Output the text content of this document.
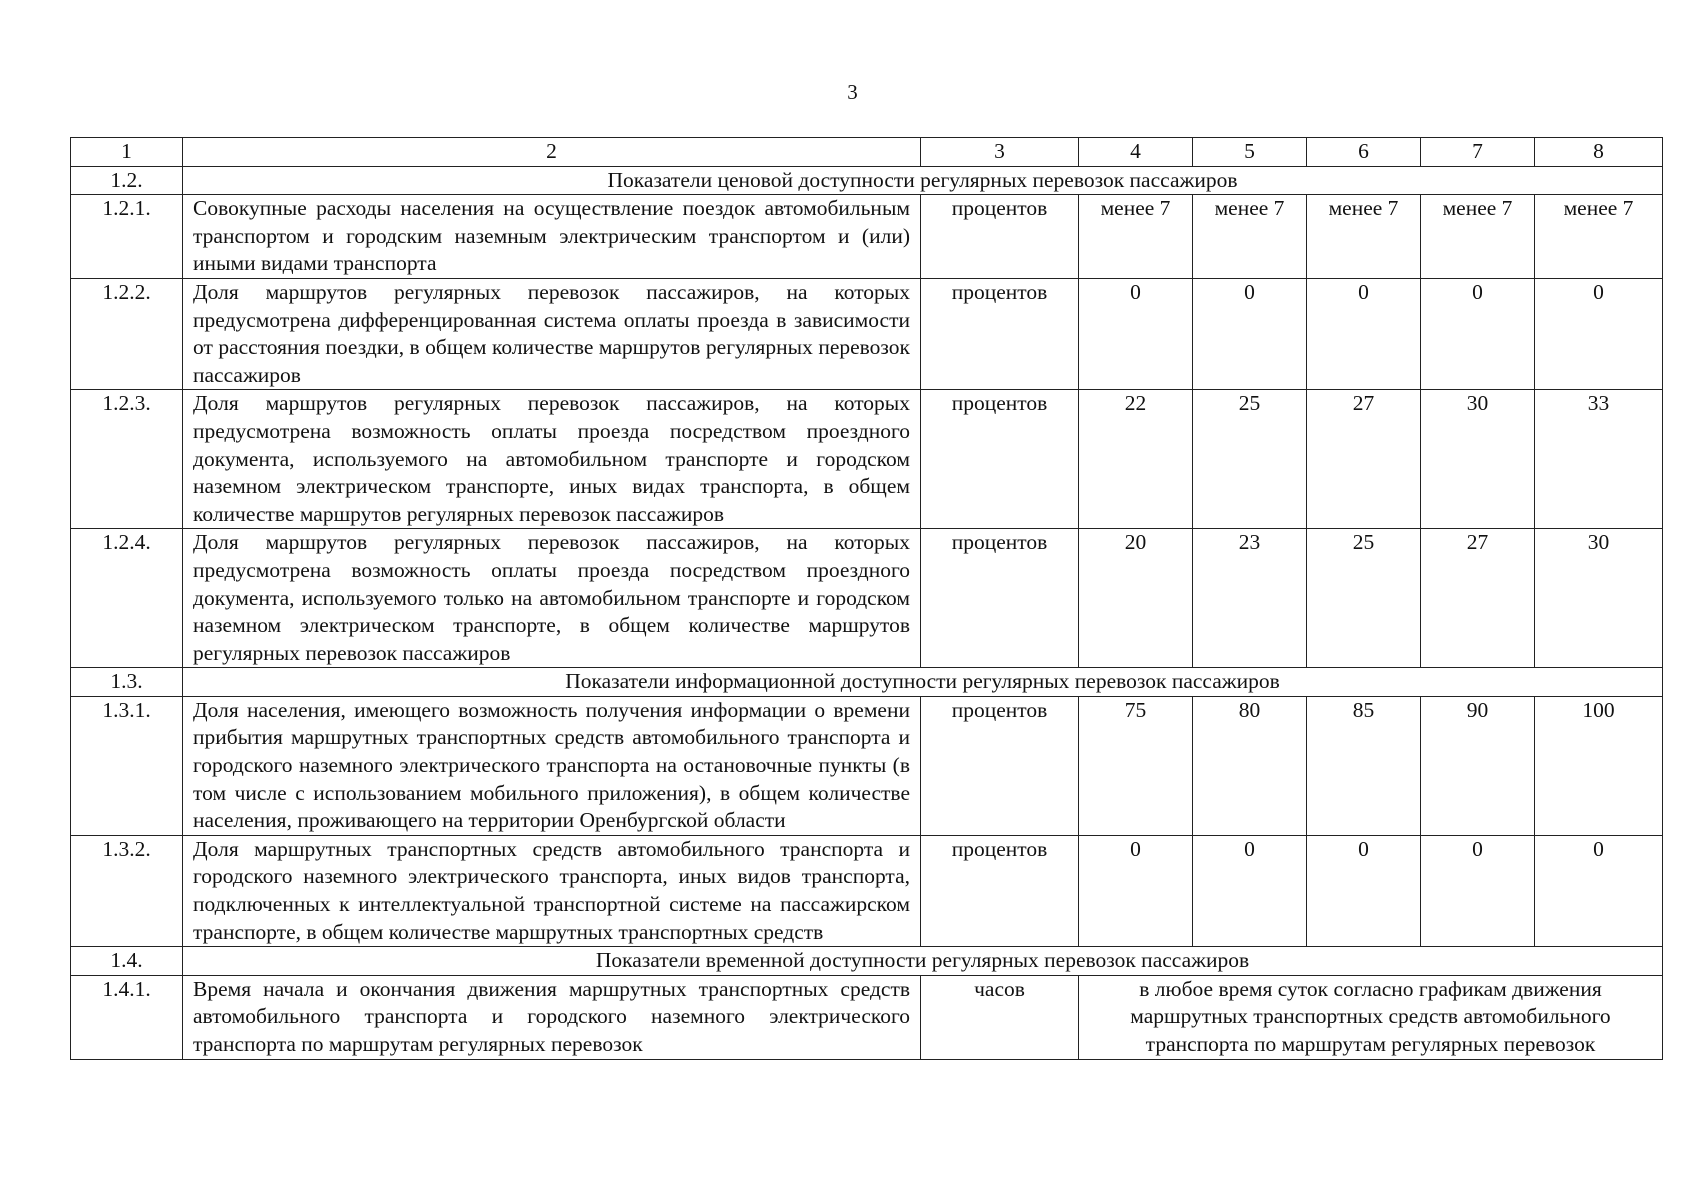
3
1	2	3	4	5	6	7	8
1.2.	Показатели ценовой доступности регулярных перевозок пассажиров						
1.2.1.	Совокупные расходы населения на осуществление поездок автомобильным транспортом и городским наземным электрическим транспортом и (или) иными видами транспорта	процентов	менее 7	менее 7	менее 7	менее 7	менее 7
1.2.2.	Доля маршрутов регулярных перевозок пассажиров, на которых предусмотрена дифференцированная система оплаты проезда в зависимости от расстояния поездки, в общем количестве маршрутов регулярных перевозок пассажиров	процентов	0	0	0	0	0
1.2.3.	Доля маршрутов регулярных перевозок пассажиров, на которых предусмотрена возможность оплаты проезда посредством проездного документа, используемого на автомобильном транспорте и городском наземном электрическом транспорте, иных видах транспорта, в общем количестве маршрутов регулярных перевозок пассажиров	процентов	22	25	27	30	33
1.2.4.	Доля маршрутов регулярных перевозок пассажиров, на которых предусмотрена возможность оплаты проезда посредством проездного документа, используемого только на автомобильном транспорте и городском наземном электрическом транспорте, в общем количестве маршрутов регулярных перевозок пассажиров	процентов	20	23	25	27	30
1.3.	Показатели информационной доступности регулярных перевозок пассажиров						
1.3.1.	Доля населения, имеющего возможность получения информации о времени прибытия маршрутных транспортных средств автомобильного транспорта и городского наземного электрического транспорта на остановочные пункты (в том числе с использованием мобильного приложения), в общем количестве населения, проживающего на территории Оренбургской области	процентов	75	80	85	90	100
1.3.2.	Доля маршрутных транспортных средств автомобильного транспорта и городского наземного электрического транспорта, иных видов транспорта, подключенных к интеллектуальной транспортной системе на пассажирском транспорте, в общем количестве маршрутных транспортных средств	процентов	0	0	0	0	0
1.4.	Показатели временной доступности регулярных перевозок пассажиров						
1.4.1.	Время начала и окончания движения маршрутных транспортных средств автомобильного транспорта и городского наземного электрического транспорта по маршрутам регулярных перевозок	часов	в любое время суток согласно графикам движения маршрутных транспортных средств автомобильного транспорта по маршрутам регулярных перевозок				
